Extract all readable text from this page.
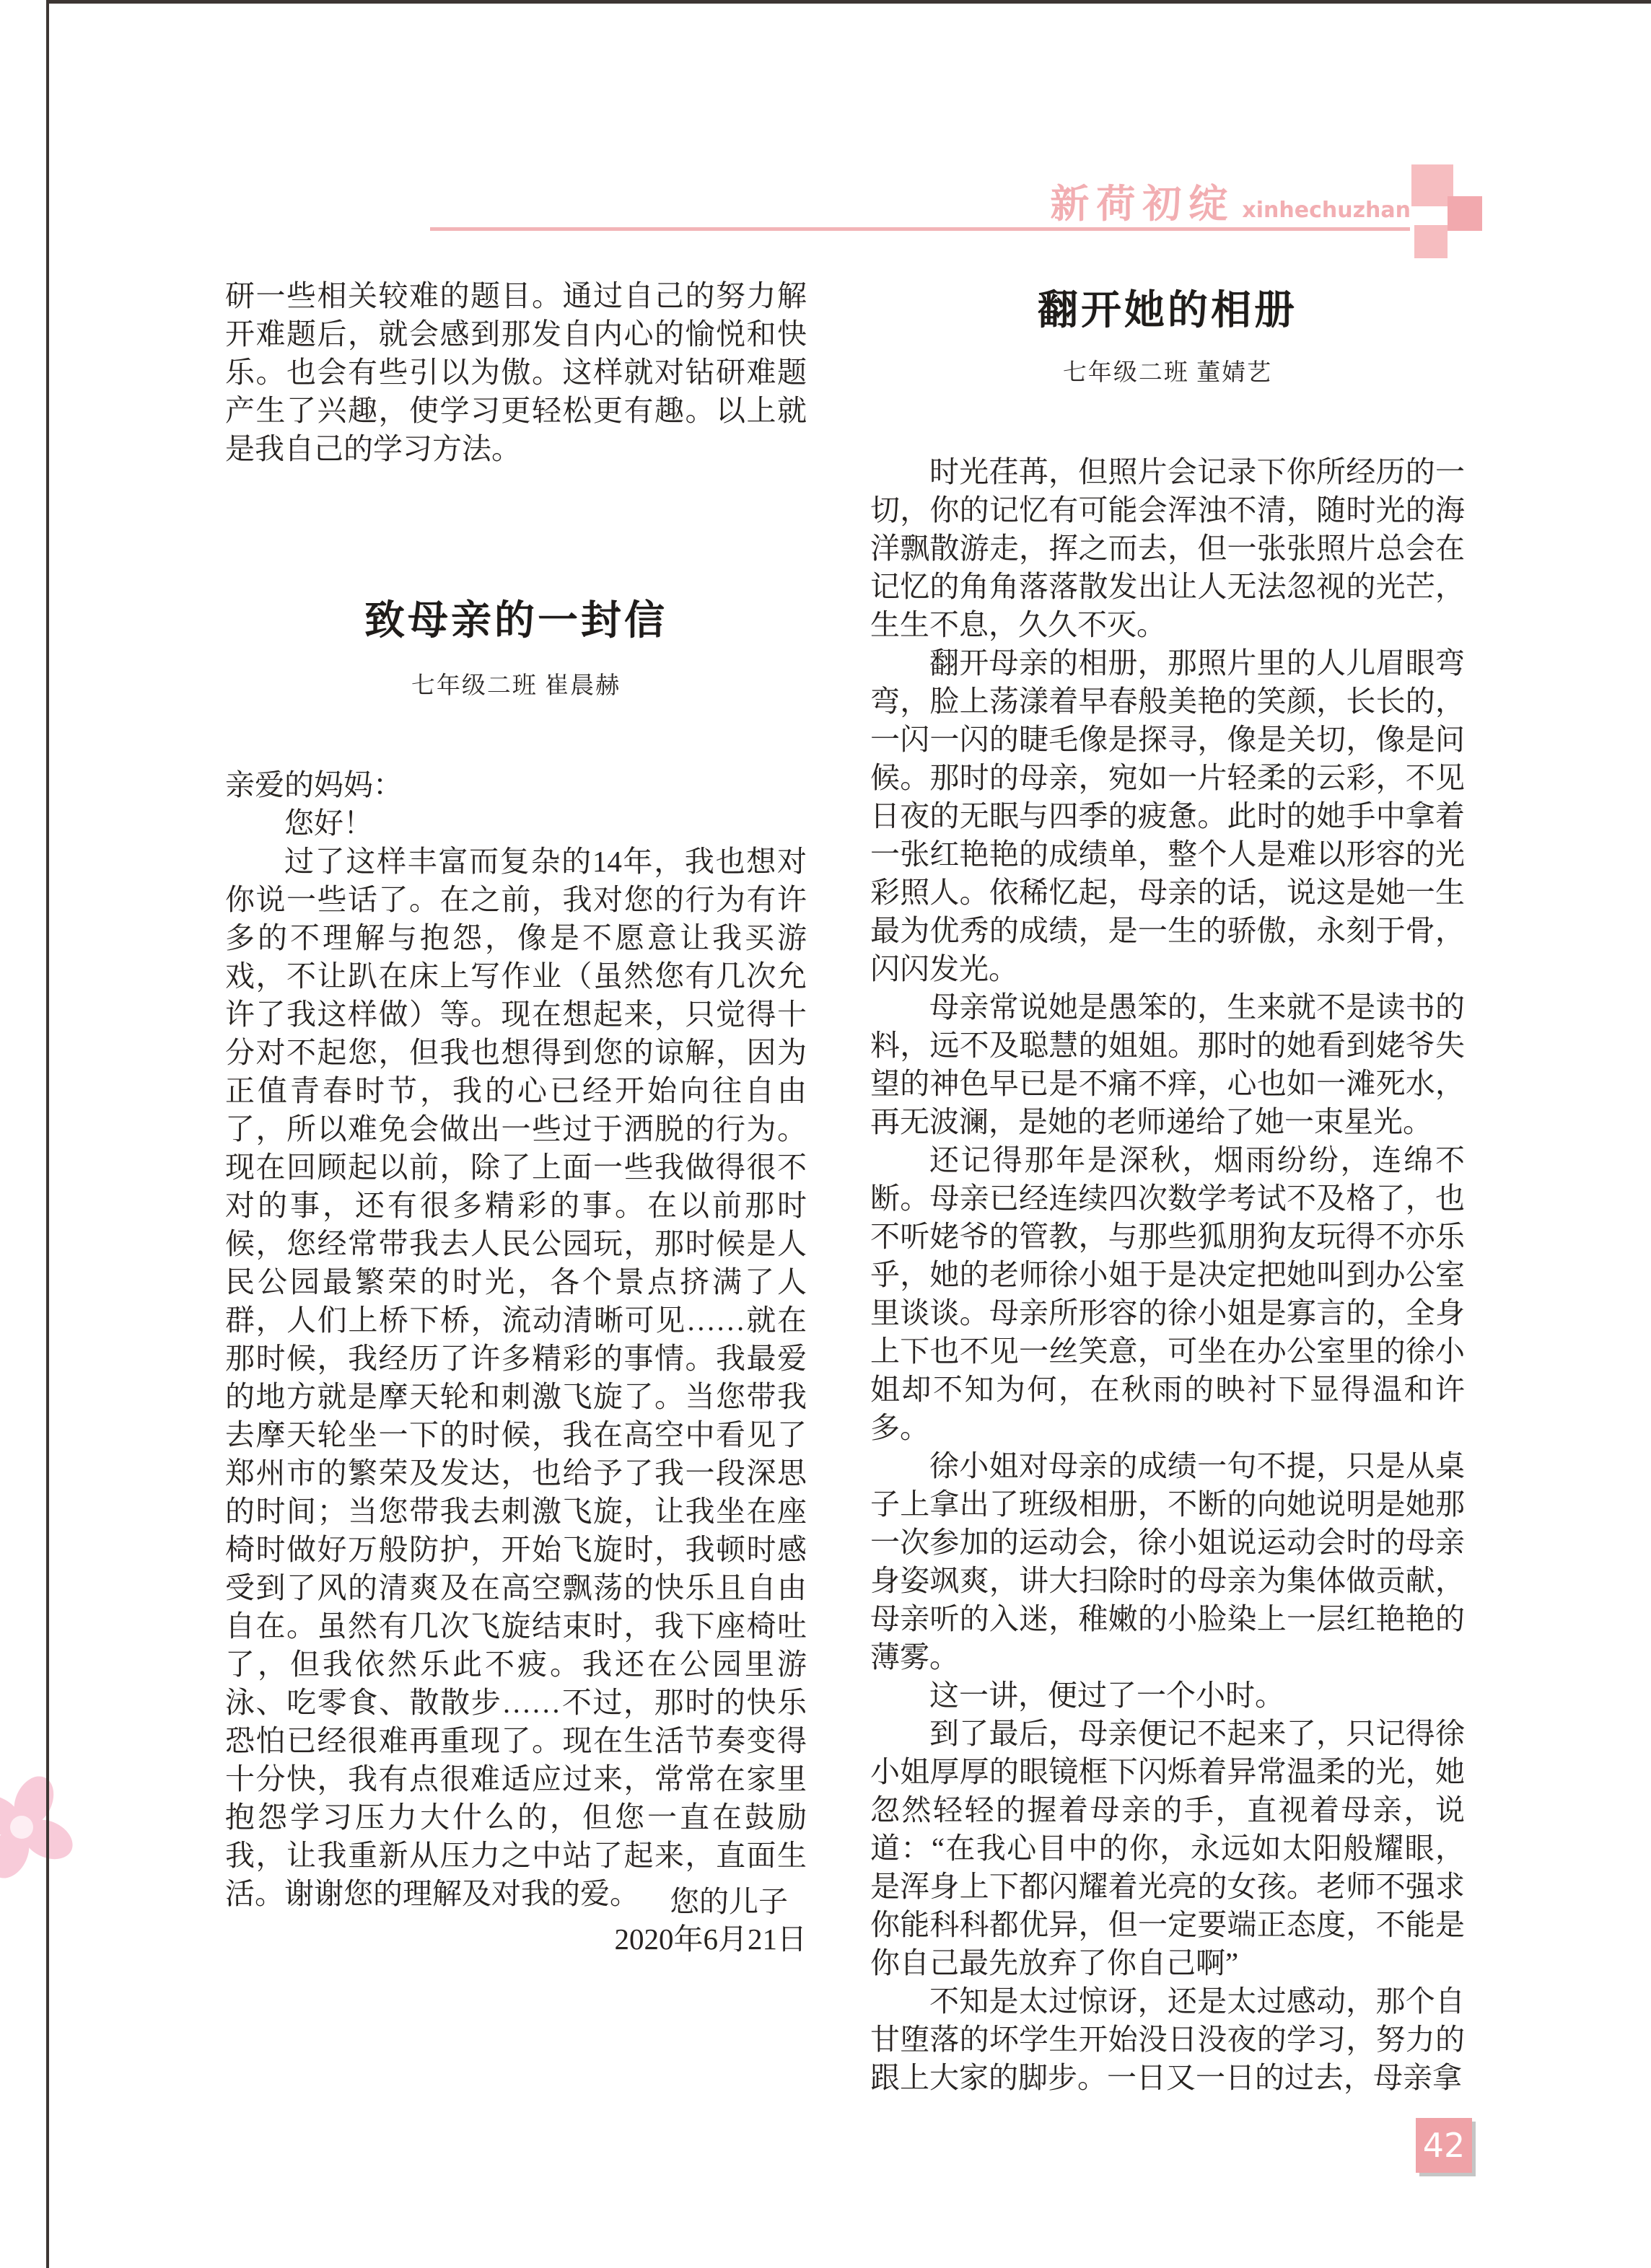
新荷初绽 xinhechuzhan
研一些相关较难的题目。通过自己的努力解开难题后，就会感到那发自内心的愉悦和快乐。也会有些引以为傲。这样就对钻研难题产生了兴趣，使学习更轻松更有趣。以上就是我自己的学习方法。
致母亲的一封信
七年级二班 崔晨赫

亲爱的妈妈：

您好！

过了这样丰富而复杂的14年，我也想对你说一些话了。在之前，我对您的行为有许多的不理解与抱怨，像是不愿意让我买游戏，不让趴在床上写作业（虽然您有几次允许了我这样做）等。现在想起来，只觉得十分对不起您，但我也想得到您的谅解，因为正值青春时节，我的心已经开始向往自由了，所以难免会做出一些过于洒脱的行为。现在回顾起以前，除了上面一些我做得很不对的事，还有很多精彩的事。在以前那时候，您经常带我去人民公园玩，那时候是人民公园最繁荣的时光，各个景点挤满了人群，人们上桥下桥，流动清晰可见……就在那时候，我经历了许多精彩的事情。我最爱的地方就是摩天轮和刺激飞旋了。当您带我去摩天轮坐一下的时候，我在高空中看见了郑州市的繁荣及发达，也给予了我一段深思的时间；当您带我去刺激飞旋，让我坐在座椅时做好万般防护，开始飞旋时，我顿时感受到了风的清爽及在高空飘荡的快乐且自由自在。虽然有几次飞旋结束时，我下座椅吐了，但我依然乐此不疲。我还在公园里游泳、吃零食、散散步……不过，那时的快乐恐怕已经很难再重现了。现在生活节奏变得十分快，我有点很难适应过来，常常在家里抱怨学习压力大什么的，但您一直在鼓励我，让我重新从压力之中站了起来，直面生活。谢谢您的理解及对我的爱。	您的儿子
2020年6月21日
翻开她的相册
七年级二班 董婧艺

时光荏苒，但照片会记录下你所经历的一切，你的记忆有可能会浑浊不清，随时光的海洋飘散游走，挥之而去，但一张张照片总会在记忆的角角落落散发出让人无法忽视的光芒，生生不息，久久不灭。

翻开母亲的相册，那照片里的人儿眉眼弯弯，脸上荡漾着早春般美艳的笑颜，长长的，一闪一闪的睫毛像是探寻，像是关切，像是问候。那时的母亲，宛如一片轻柔的云彩，不见日夜的无眠与四季的疲惫。此时的她手中拿着一张红艳艳的成绩单，整个人是难以形容的光彩照人。依稀忆起，母亲的话，说这是她一生最为优秀的成绩，是一生的骄傲，永刻于骨，闪闪发光。

母亲常说她是愚笨的，生来就不是读书的料，远不及聪慧的姐姐。那时的她看到姥爷失望的神色早已是不痛不痒，心也如一滩死水，再无波澜，是她的老师递给了她一束星光。

还记得那年是深秋，烟雨纷纷，连绵不断。母亲已经连续四次数学考试不及格了，也不听姥爷的管教，与那些狐朋狗友玩得不亦乐乎，她的老师徐小姐于是决定把她叫到办公室里谈谈。母亲所形容的徐小姐是寡言的，全身上下也不见一丝笑意，可坐在办公室里的徐小姐却不知为何，在秋雨的映衬下显得温和许多。

徐小姐对母亲的成绩一句不提，只是从桌子上拿出了班级相册，不断的向她说明是她那一次参加的运动会，徐小姐说运动会时的母亲身姿飒爽，讲大扫除时的母亲为集体做贡献，母亲听的入迷，稚嫩的小脸染上一层红艳艳的薄雾。

这一讲，便过了一个小时。

到了最后，母亲便记不起来了，只记得徐小姐厚厚的眼镜框下闪烁着异常温柔的光，她忽然轻轻的握着母亲的手，直视着母亲，说道：“在我心目中的你，永远如太阳般耀眼，是浑身上下都闪耀着光亮的女孩。老师不强求你能科科都优异，但一定要端正态度，不能是你自己最先放弃了你自己啊”

不知是太过惊讶，还是太过感动，那个自甘堕落的坏学生开始没日没夜的学习，努力的跟上大家的脚步。一日又一日的过去，母亲拿

42
